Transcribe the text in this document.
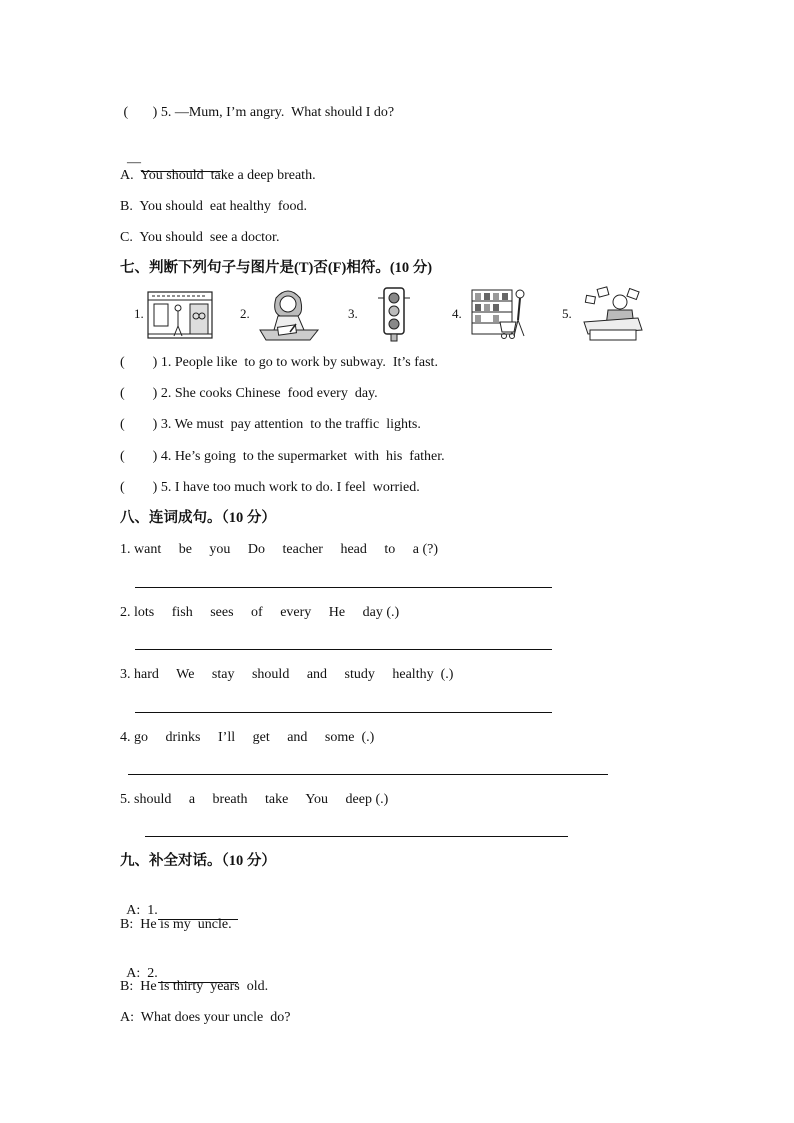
(       ) 5. —Mum, I’m angry.  What should I do?

—

A.  You should  take a deep breath.
B.  You should  eat healthy  food.
C.  You should  see a doctor.
七、判断下列句子与图片是(T)否(F)相符。(10 分)
1.	2.	3.	4.	5.
(        ) 1. People like  to go to work by subway.  It’s fast.
(        ) 2. She cooks Chinese  food every  day.
(        ) 3. We must  pay attention  to the traffic  lights.
(        ) 4. He’s going  to the supermarket  with  his  father.
(        ) 5. I have too much work to do. I feel  worried.
八、连词成句。（10 分）
1. want     be     you     Do     teacher     head     to     a (?)
2. lots     fish     sees     of     every     He     day (.)
3. hard     We     stay     should     and     study     healthy  (.)
4. go     drinks     I’ll     get     and     some  (.)
5. should     a     breath     take     You     deep (.)
九、补全对话。（10 分）

A:  1.

B:  He is my  uncle.

A:  2.

B:  He is thirty  years  old.
A:  What does your uncle  do?
